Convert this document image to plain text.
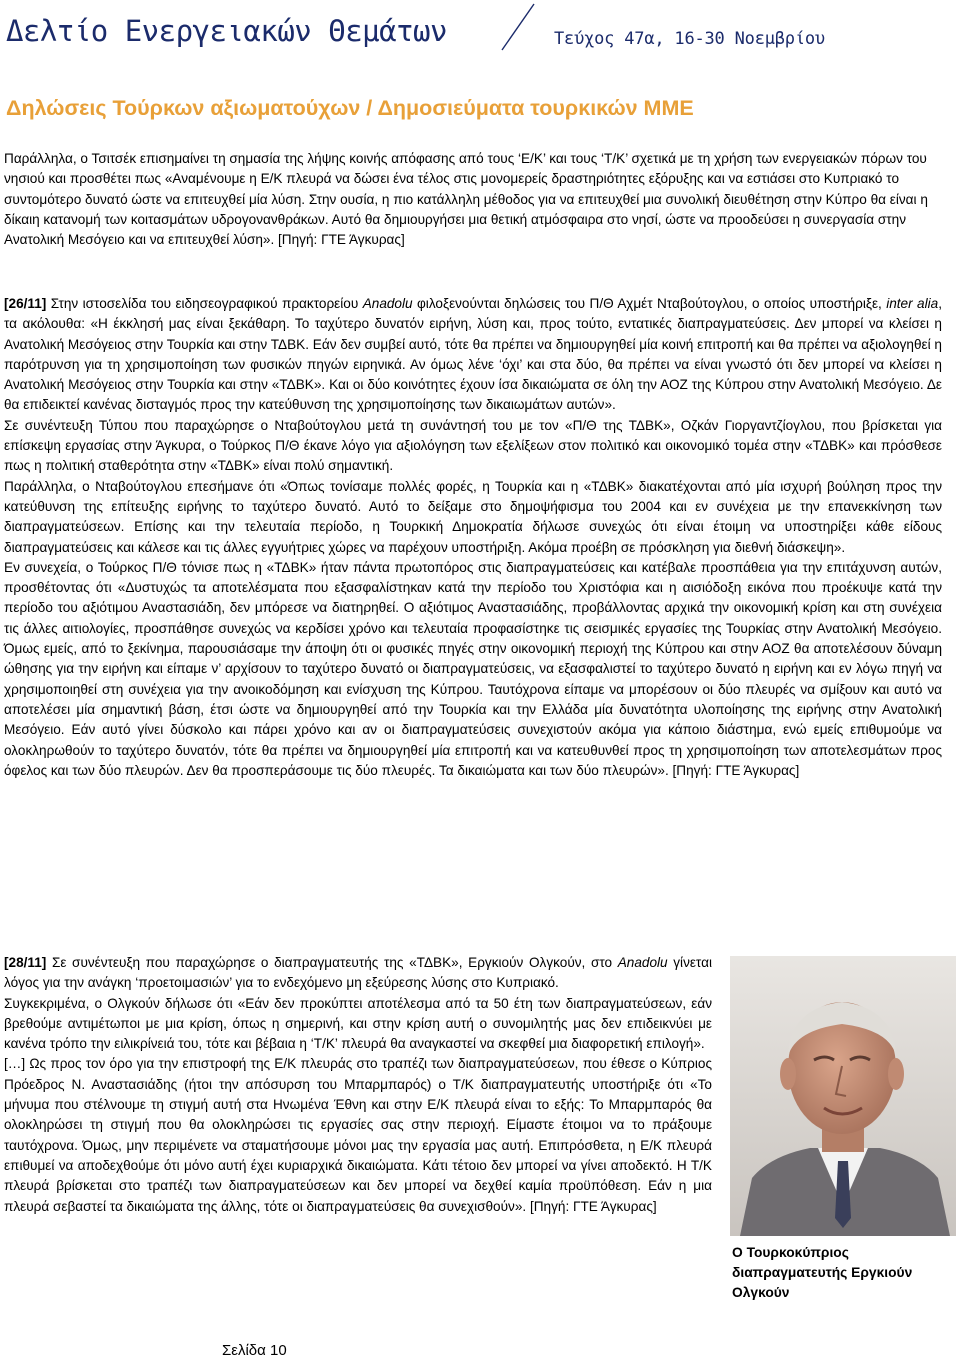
Δελτίο Ενεργειακών Θεμάτων	Τεύχος 47α, 16-30 Νοεμβρίου
Δηλώσεις Τούρκων αξιωματούχων / Δημοσιεύματα τουρκικών ΜΜΕ

Παράλληλα, ο Τσιτσέκ επισημαίνει τη σημασία της λήψης κοινής απόφασης από τους ‘Ε/Κ’ και τους ‘Τ/Κ’ σχετικά με τη χρήση των ενεργειακών πόρων του νησιού και προσθέτει πως «Αναμένουμε η Ε/Κ πλευρά να δώσει ένα τέλος στις μονομερείς δραστηριότητες εξόρυξης και να εστιάσει στο Κυπριακό το συντομότερο δυνατό ώστε να επιτευχθεί μία λύση. Στην ουσία, η πιο κατάλληλη μέθοδος για να επιτευχθεί μια συνολική διευθέτηση στην Κύπρο θα είναι η δίκαιη κατανομή των κοιτασμάτων υδρογονανθράκων. Αυτό θα δημιουργήσει μια θετική ατμόσφαιρα στο νησί, ώστε να προοδεύσει η συνεργασία στην Ανατολική Μεσόγειο και να επιτευχθεί λύση». [Πηγή: ΓΤΕ Άγκυρας]

[26/11] Στην ιστοσελίδα του ειδησεογραφικού πρακτορείου Anadolu φιλοξενούνται δηλώσεις του Π/Θ Αχμέτ Νταβούτογλου, ο οποίος υποστήριξε, inter alia, τα ακόλουθα: «Η έκκλησή μας είναι ξεκάθαρη. Το ταχύτερο δυνατόν ειρήνη, λύση και, προς τούτο, εντατικές διαπραγματεύσεις. Δεν μπορεί να κλείσει η Ανατολική Μεσόγειος στην Τουρκία και στην ΤΔΒΚ. Εάν δεν συμβεί αυτό, τότε θα πρέπει να δημιουργηθεί μία κοινή επιτροπή και θα πρέπει να αξιολογηθεί η παρότρυνση για τη χρησιμοποίηση των φυσικών πηγών ειρηνικά. Αν όμως λένε ‘όχι’ και στα δύο, θα πρέπει να είναι γνωστό ότι δεν μπορεί να κλείσει η Ανατολική Μεσόγειος στην Τουρκία και στην «ΤΔΒΚ». Και οι δύο κοινότητες έχουν ίσα δικαιώματα σε όλη την ΑΟΖ της Κύπρου στην Ανατολική Μεσόγειο. Δε θα επιδεικτεί κανένας δισταγμός προς την κατεύθυνση της χρησιμοποίησης των δικαιωμάτων αυτών».

Σε συνέντευξη Τύπου που παραχώρησε ο Νταβούτογλου μετά τη συνάντησή του με τον «Π/Θ της ΤΔΒΚ», Οζκάν Γιοργαντζίογλου, που βρίσκεται για επίσκεψη εργασίας στην Άγκυρα, ο Τούρκος Π/Θ έκανε λόγο για αξιολόγηση των εξελίξεων στον πολιτικό και οικονομικό τομέα στην «ΤΔΒΚ» και πρόσθεσε πως η πολιτική σταθερότητα στην «ΤΔΒΚ» είναι πολύ σημαντική.

Παράλληλα, ο Νταβούτογλου επεσήμανε ότι «Όπως τονίσαμε πολλές φορές, η Τουρκία και η «ΤΔΒΚ» διακατέχονται από μία ισχυρή βούληση προς την κατεύθυνση της επίτευξης ειρήνης το ταχύτερο δυνατό. Αυτό το δείξαμε στο δημοψήφισμα του 2004 και εν συνέχεια με την επανεκκίνηση των διαπραγματεύσεων. Επίσης και την τελευταία περίοδο, η Τουρκική Δημοκρατία δήλωσε συνεχώς ότι είναι έτοιμη να υποστηρίξει κάθε είδους διαπραγματεύσεις και κάλεσε και τις άλλες εγγυήτριες χώρες να παρέχουν υποστήριξη. Ακόμα προέβη σε πρόσκληση για διεθνή διάσκεψη».

Εν συνεχεία, ο Τούρκος Π/Θ τόνισε πως η «ΤΔΒΚ» ήταν πάντα πρωτοπόρος στις διαπραγματεύσεις και κατέβαλε προσπάθεια για την επιτάχυνση αυτών, προσθέτοντας ότι «Δυστυχώς τα αποτελέσματα που εξασφαλίστηκαν κατά την περίοδο του Χριστόφια και η αισιόδοξη εικόνα που προέκυψε κατά την περίοδο του αξιότιμου Αναστασιάδη, δεν μπόρεσε να διατηρηθεί. Ο αξιότιμος Αναστασιάδης, προβάλλοντας αρχικά την οικονομική κρίση και στη συνέχεια τις άλλες αιτιολογίες, προσπάθησε συνεχώς να κερδίσει χρόνο και τελευταία προφασίστηκε τις σεισμικές εργασίες της Τουρκίας στην Ανατολική Μεσόγειο. Όμως εμείς, από το ξεκίνημα, παρουσιάσαμε την άποψη ότι οι φυσικές πηγές στην οικονομική περιοχή της Κύπρου και στην ΑΟΖ θα αποτελέσουν δύναμη ώθησης για την ειρήνη και είπαμε ν’ αρχίσουν το ταχύτερο δυνατό οι διαπραγματεύσεις, να εξασφαλιστεί το ταχύτερο δυνατό η ειρήνη και εν λόγω πηγή να χρησιμοποιηθεί στη συνέχεια για την ανοικοδόμηση και ενίσχυση της Κύπρου. Ταυτόχρονα είπαμε να μπορέσουν οι δύο πλευρές να σμίξουν και αυτό να αποτελέσει μία σημαντική βάση, έτσι ώστε να δημιουργηθεί από την Τουρκία και την Ελλάδα μία δυνατότητα υλοποίησης της ειρήνης στην Ανατολική Μεσόγειο. Εάν αυτό γίνει δύσκολο και πάρει χρόνο και αν οι διαπραγματεύσεις συνεχιστούν ακόμα για κάποιο διάστημα, ενώ εμείς επιθυμούμε να ολοκληρωθούν το ταχύτερο δυνατόν, τότε θα πρέπει να δημιουργηθεί μία επιτροπή και να κατευθυνθεί προς τη χρησιμοποίηση των αποτελεσμάτων προς όφελος και των δύο πλευρών. Δεν θα προσπεράσουμε τις δύο πλευρές. Τα δικαιώματα και των δύο πλευρών». [Πηγή: ΓΤΕ Άγκυρας]

[28/11] Σε συνέντευξη που παραχώρησε ο διαπραγματευτής της «ΤΔΒΚ», Εργκιούν Ολγκούν, στο Anadolu γίνεται λόγος για την ανάγκη ‘προετοιμασιών’ για το ενδεχόμενο μη εξεύρεσης λύσης στο Κυπριακό.

Συγκεκριμένα, ο Ολγκούν δήλωσε ότι «Εάν δεν προκύπτει αποτέλεσμα από τα 50 έτη των διαπραγματεύσεων, εάν βρεθούμε αντιμέτωποι με μια κρίση, όπως η σημερινή, και στην κρίση αυτή ο συνομιλητής μας δεν επιδεικνύει με κανένα τρόπο την ειλικρίνειά του, τότε και βέβαια η ‘Τ/Κ’ πλευρά θα αναγκαστεί να σκεφθεί μια διαφορετική επιλογή».

[…] Ως προς τον όρο για την επιστροφή της Ε/Κ πλευράς στο τραπέζι των διαπραγματεύσεων, που έθεσε ο Κύπριος Πρόεδρος Ν. Αναστασιάδης (ήτοι την απόσυρση του Μπαρμπαρός) ο Τ/Κ διαπραγματευτής υποστήριξε ότι «Το μήνυμα που στέλνουμε τη στιγμή αυτή στα Ηνωμένα Έθνη και στην Ε/Κ πλευρά είναι το εξής: Το Μπαρμπαρός θα ολοκληρώσει τη στιγμή που θα ολοκληρώσει τις εργασίες σας στην περιοχή. Είμαστε έτοιμοι να το πράξουμε ταυτόχρονα. Όμως, μην περιμένετε να σταματήσουμε μόνοι μας την εργασία μας αυτή. Επιπρόσθετα, η Ε/Κ πλευρά επιθυμεί να αποδεχθούμε ότι μόνο αυτή έχει κυριαρχικά δικαιώματα. Κάτι τέτοιο δεν μπορεί να γίνει αποδεκτό. Η Τ/Κ πλευρά βρίσκεται στο τραπέζι των διαπραγματεύσεων και δεν μπορεί να δεχθεί καμία προϋπόθεση. Εάν η μια πλευρά σεβαστεί τα δικαιώματα της άλλης, τότε οι διαπραγματεύσεις θα συνεχισθούν». [Πηγή: ΓΤΕ Άγκυρας]

Ο Τουρκοκύπριος διαπραγματευτής Εργκιούν Ολγκούν
Σελίδα 10
